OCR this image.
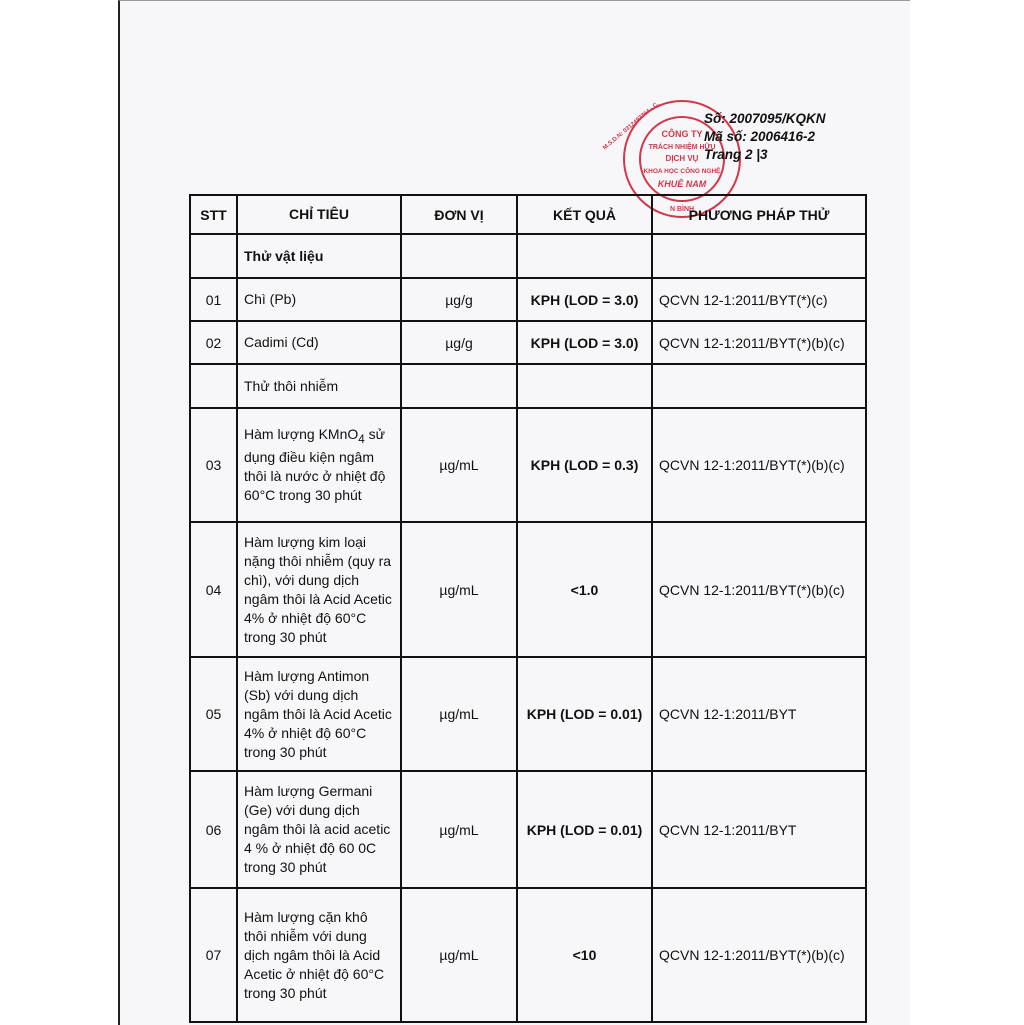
CÔNG TY
TRÁCH NHIỆM HỮU
DỊCH VỤ
KHOA HỌC CÔNG NGHỆ
KHUÊ NAM
N BÌNH
M.S.D.N: 0312497764 - C.	Số: 2007095/KQKN
Mã số: 2006416-2
Trang 2 |3
STT	CHỈ TIÊU	ĐƠN VỊ	KẾT QUẢ	PHƯƠNG PHÁP THỬ
	Thử vật liệu			
01	Chì (Pb)	µg/g	KPH (LOD = 3.0)	QCVN 12-1:2011/BYT(*)(c)
02	Cadimi (Cd)	µg/g	KPH (LOD = 3.0)	QCVN 12-1:2011/BYT(*)(b)(c)
	Thử thôi nhiễm			
03	Hàm lượng KMnO$_4$ sử dụng điều kiện ngâm thôi là nước ở nhiệt độ 60°C trong 30 phút	µg/mL	KPH (LOD = 0.3)	QCVN 12-1:2011/BYT(*)(b)(c)
04	Hàm lượng kim loại nặng thôi nhiễm (quy ra chì), với dung dịch ngâm thôi là Acid Acetic 4% ở nhiệt độ 60°C trong 30 phút	µg/mL	<1.0	QCVN 12-1:2011/BYT(*)(b)(c)
05	Hàm lượng Antimon (Sb) với dung dịch ngâm thôi là Acid Acetic 4% ở nhiệt độ 60°C trong 30 phút	µg/mL	KPH (LOD = 0.01)	QCVN 12-1:2011/BYT
06	Hàm lượng Germani (Ge) với dung dịch ngâm thôi là acid acetic 4 % ở nhiệt độ 60 0C trong 30 phút	µg/mL	KPH (LOD = 0.01)	QCVN 12-1:2011/BYT
07	Hàm lượng cặn khô thôi nhiễm với dung dịch ngâm thôi là Acid Acetic ở nhiệt độ 60°C trong 30 phút	µg/mL	<10	QCVN 12-1:2011/BYT(*)(b)(c)
